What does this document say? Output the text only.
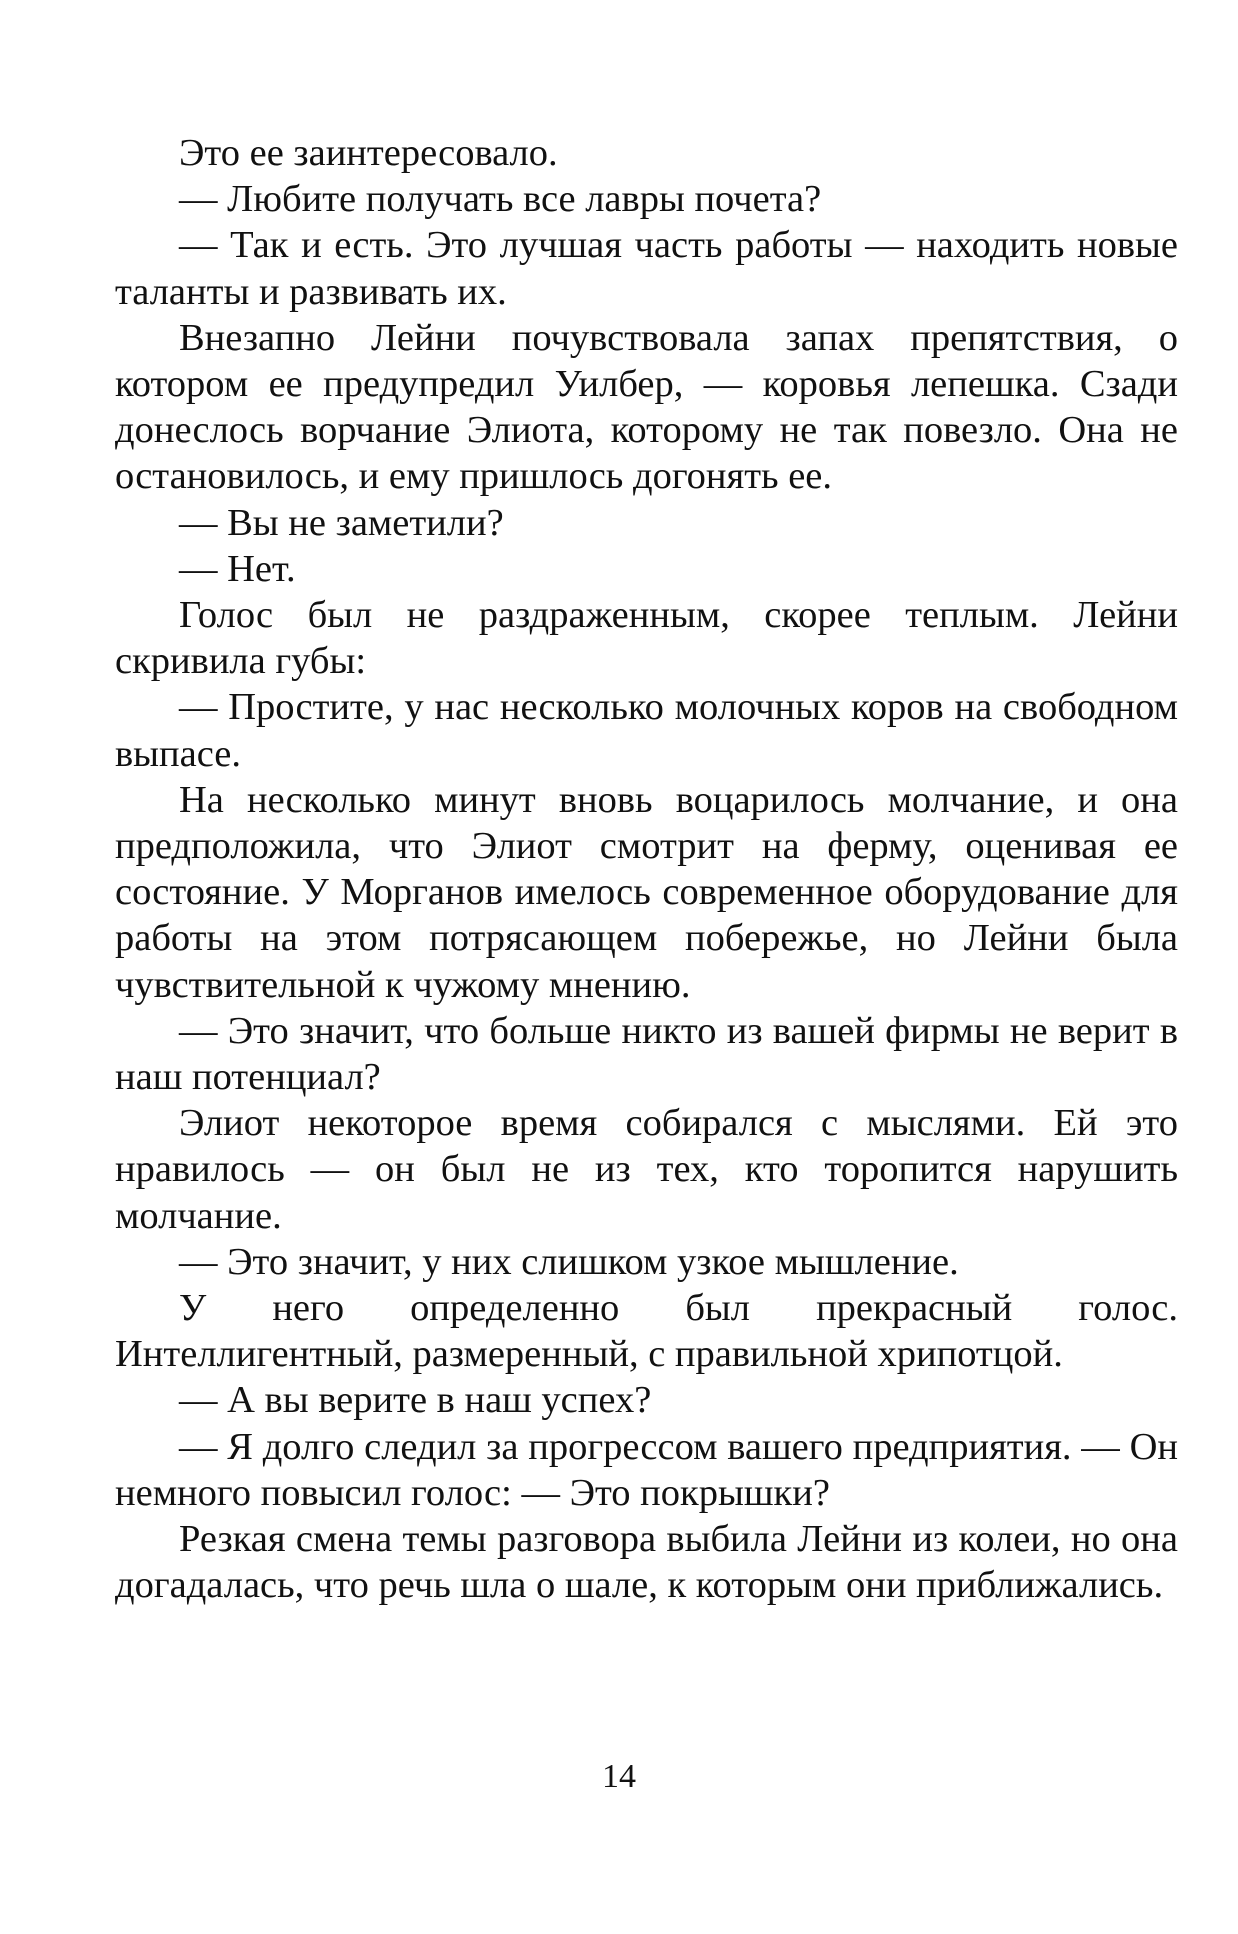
Это ее заинтересовало.

— Любите получать все лавры почета?

— Так и есть. Это лучшая часть работы — находить новые таланты и развивать их.

Внезапно Лейни почувствовала запах препятствия, о котором ее предупредил Уилбер, — коровья лепешка. Сзади донеслось ворчание Элиота, которому не так повезло. Она не остановилось, и ему пришлось догонять ее.

— Вы не заметили?

— Нет.

Голос был не раздраженным, скорее теплым. Лейни скривила губы:

— Простите, у нас несколько молочных коров на свободном выпасе.

На несколько минут вновь воцарилось молчание, и она предположила, что Элиот смотрит на ферму, оценивая ее состояние. У Морганов имелось современное оборудование для работы на этом потрясающем побережье, но Лейни была чувствительной к чужому мнению.

— Это значит, что больше никто из вашей фирмы не верит в наш потенциал?

Элиот некоторое время собирался с мыслями. Ей это нравилось — он был не из тех, кто торопится нарушить молчание.

— Это значит, у них слишком узкое мышление.

У него определенно был прекрасный голос. Интеллигентный, размеренный, с правильной хрипотцой.

— А вы верите в наш успех?

— Я долго следил за прогрессом вашего предприятия. — Он немного повысил голос: — Это покрышки?

Резкая смена темы разговора выбила Лейни из колеи, но она догадалась, что речь шла о шале, к которым они приближались.

14
